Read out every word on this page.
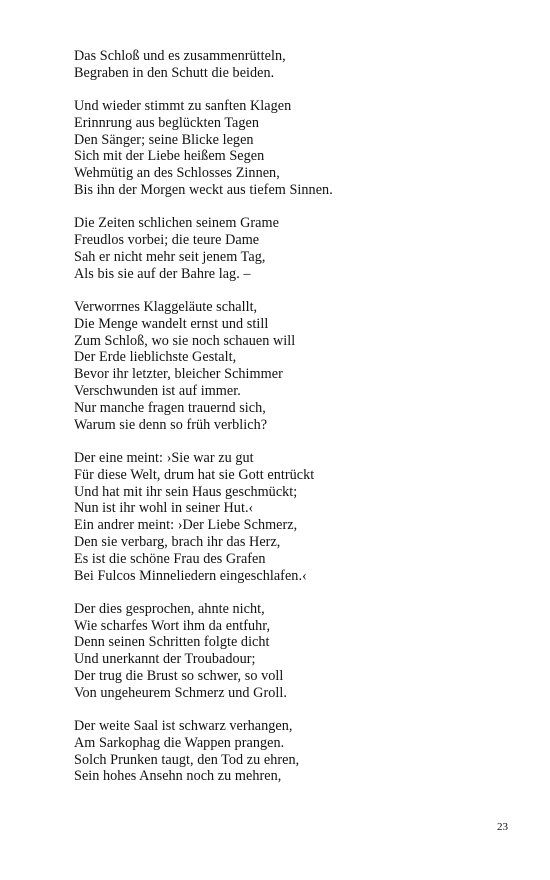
Das Schloß und es zusammenrütteln,
Begraben in den Schutt die beiden.
Und wieder stimmt zu sanften Klagen
Erinnrung aus beglückten Tagen
Den Sänger; seine Blicke legen
Sich mit der Liebe heißem Segen
Wehmütig an des Schlosses Zinnen,
Bis ihn der Morgen weckt aus tiefem Sinnen.
Die Zeiten schlichen seinem Grame
Freudlos vorbei; die teure Dame
Sah er nicht mehr seit jenem Tag,
Als bis sie auf der Bahre lag. –
Verworrnes Klaggeläute schallt,
Die Menge wandelt ernst und still
Zum Schloß, wo sie noch schauen will
Der Erde lieblichste Gestalt,
Bevor ihr letzter, bleicher Schimmer
Verschwunden ist auf immer.
Nur manche fragen trauernd sich,
Warum sie denn so früh verblich?
Der eine meint: ›Sie war zu gut
Für diese Welt, drum hat sie Gott entrückt
Und hat mit ihr sein Haus geschmückt;
Nun ist ihr wohl in seiner Hut.‹
Ein andrer meint: ›Der Liebe Schmerz,
Den sie verbarg, brach ihr das Herz,
Es ist die schöne Frau des Grafen
Bei Fulcos Minneliedern eingeschlafen.‹
Der dies gesprochen, ahnte nicht,
Wie scharfes Wort ihm da entfuhr,
Denn seinen Schritten folgte dicht
Und unerkannt der Troubadour;
Der trug die Brust so schwer, so voll
Von ungeheurem Schmerz und Groll.
Der weite Saal ist schwarz verhangen,
Am Sarkophag die Wappen prangen.
Solch Prunken taugt, den Tod zu ehren,
Sein hohes Ansehn noch zu mehren,
23
